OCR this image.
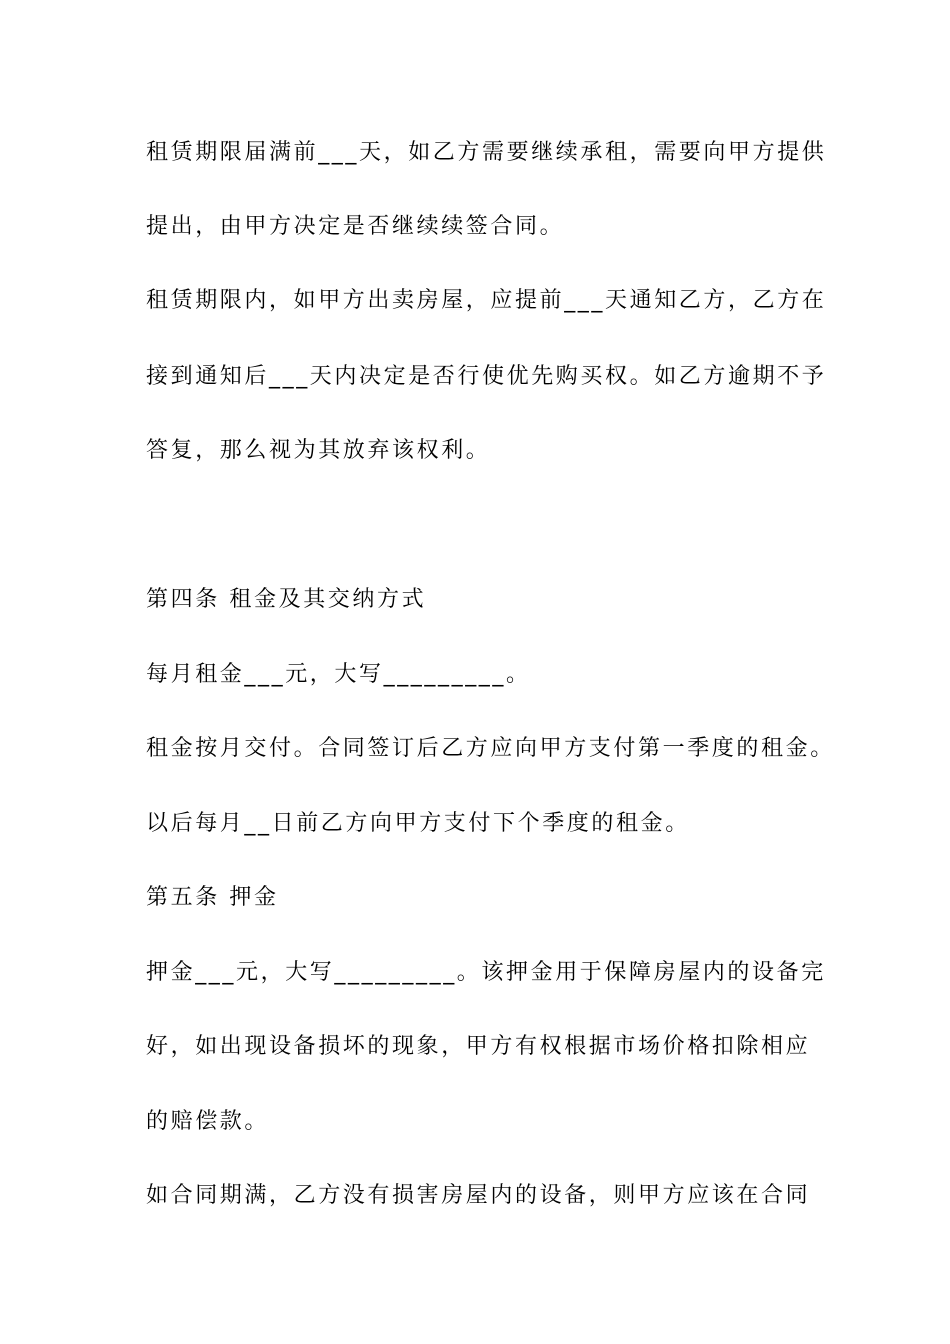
租赁期限届满前___天，如乙方需要继续承租，需要向甲方提供

提出，由甲方决定是否继续续签合同。

租赁期限内，如甲方出卖房屋，应提前___天通知乙方，乙方在

接到通知后___天内决定是否行使优先购买权。如乙方逾期不予

答复，那么视为其放弃该权利。

第四条 租金及其交纳方式

每月租金___元，大写_________。

租金按月交付。合同签订后乙方应向甲方支付第一季度的租金。

以后每月__日前乙方向甲方支付下个季度的租金。

第五条 押金

押金___元，大写_________。该押金用于保障房屋内的设备完

好，如出现设备损坏的现象，甲方有权根据市场价格扣除相应

的赔偿款。

如合同期满，乙方没有损害房屋内的设备，则甲方应该在合同
